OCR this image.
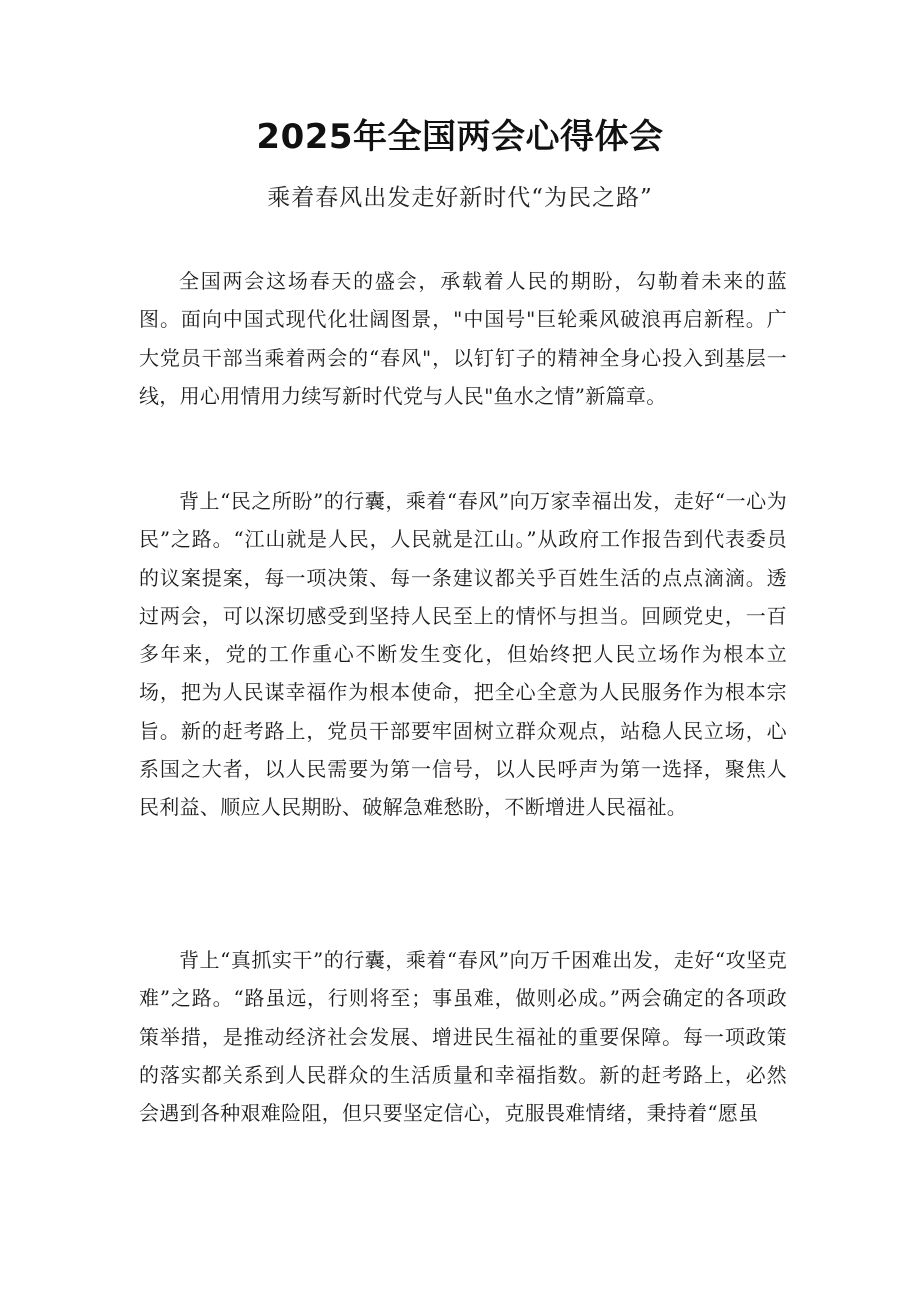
2025年全国两会心得体会
乘着春风出发走好新时代“为民之路”

全国两会这场春天的盛会，承载着人民的期盼，勾勒着未来的蓝图。面向中国式现代化壮阔图景，"中国号"巨轮乘风破浪再启新程。广大党员干部当乘着两会的“春风"，以钉钉子的精神全身心投入到基层一线，用心用情用力续写新时代党与人民"鱼水之情”新篇章。

背上“民之所盼”的行囊，乘着“春风”向万家幸福出发，走好“一心为民”之路。“江山就是人民，人民就是江山。”从政府工作报告到代表委员的议案提案，每一项决策、每一条建议都关乎百姓生活的点点滴滴。透过两会，可以深切感受到坚持人民至上的情怀与担当。回顾党史，一百多年来，党的工作重心不断发生变化，但始终把人民立场作为根本立场，把为人民谋幸福作为根本使命，把全心全意为人民服务作为根本宗旨。新的赶考路上，党员干部要牢固树立群众观点，站稳人民立场，心系国之大者，以人民需要为第一信号，以人民呼声为第一选择，聚焦人民利益、顺应人民期盼、破解急难愁盼，不断增进人民福祉。

背上“真抓实干”的行囊，乘着“春风”向万千困难出发，走好“攻坚克难”之路。“路虽远，行则将至；事虽难，做则必成。”两会确定的各项政策举措，是推动经济社会发展、增进民生福祉的重要保障。每一项政策的落实都关系到人民群众的生活质量和幸福指数。新的赶考路上，必然会遇到各种艰难险阻，但只要坚定信心，克服畏难情绪，秉持着“愿虽
